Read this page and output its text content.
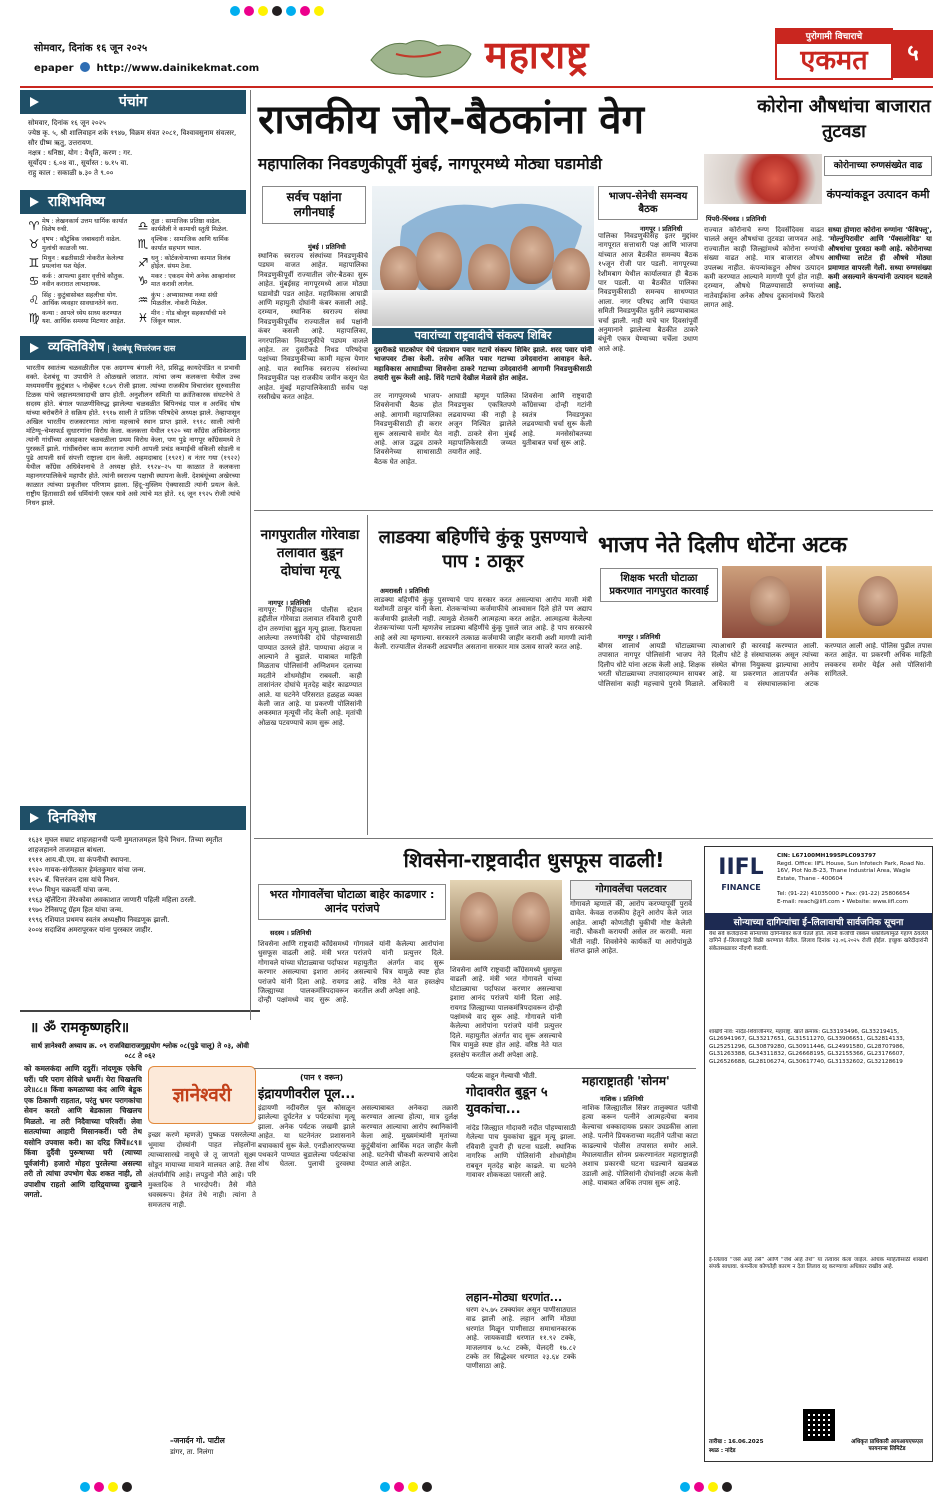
सोमवार, दिनांक १६ जून २०२५
epaper http://www.dainikekmat.com	महाराष्ट्र	पुरोगामी विचाराचे
एकमत	५
पंचांग
सोमवार, दिनांक १६ जून २०२५
ज्येष्ठ कृ. ५, श्री शालिवाहन शके १९४७, विक्रम संवत २०८१, विश्वावसुनाम संवत्सर, सौर ग्रीष्म ऋतु, उत्तरायण.
नक्षत्र : धनिष्ठा, योग : वैधृति, करण : गर.
सूर्योदय : ६.०४ वा., सूर्यास्त : ७.१५ वा.
राहु काल : सकाळी ७.३० ते ९.००
राशिभविष्य
♈ मेष : लेखनकार्य उत्तम धार्मिक कार्यात विशेष रुची.	♎ तूळ : सामाजिक प्रतिष्ठा वाढेल. कार्यशैली ने कामाची स्तुती मिळेल.
♉ वृषभ : कौटुंबिक जबाबदारी वाढेल. मुलांची काळजी घ्या.	♏ वृश्चिक : सामाजिक आणि धार्मिक कार्यात सहभाग घ्याल.
♊ मिथुन : बढतीसाठी नोकरीत केलेल्या प्रयत्नांना यश येईल.	♐ धनु : कोर्टकचेऱ्याच्या कामात विलंब होईल. संयम ठेवा.
♋ कर्क : आपल्या हुशार वृत्तीचे कौतुक. नवीन करारात लाभदायक.	♑ मकर : एकदम येणे अनेक आव्हानांवर मात करावी लागेल.
♌ सिंह : कुटुंबासोबत सहलीचा योग. आर्थिक व्यवहार सावधानतेने करा.	♒ कुंभ : अभ्यासाच्या नव्या संधी मिळतील. नोकरी मिळेल.
♍ कन्या : आपले ध्येय साध्य करण्यात यश. आर्थिक समस्या मिटणार आहेत.	♓ मीन : गोड बोलून सहकार्यांची मने जिंकून घ्याल.
व्यक्तिविशेष | देशबंधू चित्तरंजन दास
भारतीय स्वातंत्र्य चळवळीतील एक अग्रगण्य बंगाली नेते, प्रसिद्ध कायदेपंडित व प्रभावी वक्ते. देशबंधू या उपाधीने ते ओळखले जातात. त्यांचा जन्म कलकत्ता येथील उच्च मध्यमवर्गीय कुटुंबात ५ नोव्हेंबर १८७९ रोजी झाला. त्यांच्या राजकीय विचारांवर सुरुवातीस टिळक यांचे जहालमतवादाची छाप होती. अनुशीलन समिती या क्रांतिकारक संघटनेचे ते सदस्य होते. बंगाल फाळणीविरुद्ध झालेल्या चळवळीत बिपिनचंद्र पाल व अरविंद घोष यांच्या बरोबरीने ते सक्रिय होते. १९१७ साली ते प्रांतिक परिषदेचे अध्यक्ष झाले. तेव्हापासून अखिल भारतीय राजकारणात त्यांना महत्त्वाचे स्थान प्राप्त झाले. १९१८ साली त्यांनी मॉटेग्यू–चेम्सफर्ड सुधारणांना विरोध केला. कलकत्ता येथील १९२० च्या काँग्रेस अधिवेशनात त्यांनी गांधींच्या असहकार चळवळीला प्रथम विरोध केला, पण पुढे नागपूर काँग्रेसमध्ये ते पुरस्कर्ते झाले. गांधींबरोबर काम करताना त्यांनी आपली प्रचंड कमाईची वकिली सोडली व पुढे आपली सर्व संपत्ती राष्ट्राला दान केली. अहमदाबाद (१९२१) व नंतर गया (१९२२) येथील काँग्रेस अधिवेशनाचे ते अध्यक्ष होते. १९२४–२५ या काळात ते कलकत्ता महानगरपालिकेचे महापौर होते. त्यांनी स्वराज्य पक्षाची स्थापना केली. देशबंधूंच्या अखेरच्या काळात त्यांच्या प्रकृतीवर परिणाम झाला. हिंदू–मुस्लिम ऐक्यासाठी त्यांनी प्रयत्न केले. राष्ट्रीय हितासाठी सर्व धर्मियांनी एकत्र यावे असे त्यांचे मत होते. १६ जून १९२५ रोजी त्यांचे निधन झाले.
दिनविशेष
१६३१ मुघल सम्राट शाहजहानची पत्नी मुमताजमहल हिचे निधन. तिच्या स्मृतीत शाहजहानने ताजमहाल बांधला.
१९११ आय.बी.एम. या कंपनीची स्थापना.
१९२० गायक-संगीतकार हेमंतकुमार यांचा जन्म.
१९२५ बॅ. चित्तरंजन दास यांचे निधन.
१९५० मिथुन चक्रवर्ती यांचा जन्म.
१९६३ व्हॅलेंटिना तेरेश्कोवा अवकाशात जाणारी पहिली महिला ठरली.
१९७० टेनिसपटू ग्रॅहम हिल यांचा जन्म.
१९९६ रशियात प्रथमच स्वतंत्र अध्यक्षीय निवडणूक झाली.
२००४ सदाशिव अमरापूरकर यांना पुरस्कार जाहीर.
॥ ॐ रामकृष्णहरि॥
सार्थ ज्ञानेश्वरी अध्याय क्र. ०९ राजविद्याराजगुह्ययोग श्लोक ०८(पुढे चालू) ते ०३, ओवी ०८८ ते ०६२
को कमलकंदा आणि ददुरीं। नांदणूक एकेचि घरीं। परि पराग सेविजे भ्रमरीं। येरा चिखलचि उरे॥८८॥ किंवा कमळाच्या कंद आणि बेडूक एक ठिकाणी राहतात, परंतु भ्रमर परागकांचा सेवन करतो आणि बेडकाला चिखलच मिळतो. ना तरी निदैवाच्या परिवरीं। लेवा सतत्यांच्या आहारी मिसानकरीं। परी तेथ यसोनि उपवास करी। का दरिद्र जियें॥८९॥ किंवा दुर्दैवी पुरूषाच्या घरी (त्याच्या पूर्वजांनी) हजारो मोहरा पुरलेल्या असल्या तरी तो त्यांचा उपभोग घेऊ शकत नाही, तो उपाशीच राहतो आणि दारिद्र्याच्या दुःखाने जगतो.
ज्ञानेश्वरी
इच्छा करणे म्हणजे) पुष्कळ पसरलेल्या भूमाया दोस्यांनी पाहत लोहलोंना त्याच्यासारखे नासूचे जे तू जाणतो सूक्ष्म सोडून मायाच्या मायाने मालवत आहे. तैसा अंतर्यामीचि आहे। लपडुनो मीते आहे। परि मुक्तादिक ते भारदोपरी। तैसे मीते धवस्वरूप। हेमंत तेथे नाही। त्यांना ते समजतच नाही.
–जनार्दन गो. पाटील
डांगर, ता. निलंगा
राजकीय जोर-बैठकांना वेग
महापालिका निवडणुकीपूर्वी मुंबई, नागपूरमध्ये मोठ्या घडामोडी
सर्वच पक्षांना लगीनघाई
मुंबई । प्रतिनिधी
स्थानिक स्वराज्य संस्थांच्या निवडणुकीचे पडघम वाजत आहेत. महापालिका निवडणुकीपूर्वी राज्यातील जोर-बैठका सुरू आहेत. मुंबईसह नागपूरमध्ये आज मोठ्या घडामोडी पडत आहेत. महाविकास आघाडी आणि महायुती दोघांनी कंबर कसली आहे. दरम्यान, स्थानिक स्वराज्य संस्था निवडणुकीपूर्वीच राज्यातील सर्व पक्षांनी कंबर कसली आहे. महापालिका, नगरपालिका निवडणुकीचे पडघम वाजले आहेत. तर दुसरीकडे निधड परिषदेचा पक्षांच्या निवडणुकीच्या कामी महत्त्व येणार आहे. यात स्थानिक स्वराज्य संस्थांच्या निवडणुकीत पक्ष राजकीय जमीन कसून घेत आहेत. मुंबई महापालिकेसाठी सर्वच पक्ष रस्सीखेच करत आहेत.
पवारांच्या राष्ट्रवादीचे संकल्प शिबिर
दुसरीकडे घाटकोपर येथे पंतप्रधान पवार गटाचे संकल्प शिबिर झाले. शरद पवार यांनी भाजपवर टीका केली. तसेच अजित पवार गटाच्या उमेदवारांना आवाहन केले. महाविकास आघाडीच्या शिवसेना ठाकरे गटाच्या उमेदवारांनी आगामी निवडणुकीसाठी तयारी सुरू केली आहे. शिंदे गटाचे देखील मेळावे होत आहेत.
तर नागपूरमध्ये भाजप-शिवसेनाची बैठक होत आहे. आगामी महापालिका निवडणुकीसाठी ही करार सुरू असल्याचे समोर येत आहे. आज उद्धव ठाकरे शिवसेनेच्या साथासाठी बैठक घेत आहेत.
आघाडी म्हणून पालिका निवडणुका एकत्रितपणे लढवायच्या की नाही हे अजून निश्चित झालेले नाही. ठाकरे सेना मुंबई महापालिकेसाठी जय्यत तयारीत आहे.
शिवसेना आणि राष्ट्रवादी काँग्रेसच्या दोन्ही गटांनी स्वतंत्र निवडणुका लढवण्याची चर्चा सुरू केली आहे. मनसेसोबतच्या युतीबाबत चर्चा सुरू आहे.
भाजप-सेनेची समन्वय बैठक
नागपूर । प्रतिनिधी
पालिका निवडणुकीसह इतर मुद्दांवर नागपूरात सत्ताधारी पक्ष आणि भाजपा यांच्यात आज बैठकीत समन्वय बैठक १५जून रोजी पार पडली. नागपूरच्या रेशीमबाग येथील कार्यालयात ही बैठक पार पडली. या बैठकीत पालिका निवडणुकीसाठी समन्वय साधण्यात आला. नगर परिषद आणि पंचायत समिती निवडणुकीत युतीने लढण्याबाबत चर्चा झाली. नाही याचे चार दिवसांपूर्वी अनुमानाने झालेल्या बैठकीत ठाकरे बंधूंनी एकत्र येण्याच्या चर्चेला उधाण आले आहे.
कोरोना औषधांचा बाजारात तुटवडा
कोरोनाच्या रुग्णसंख्येत वाढ
कंपन्यांकडून उत्पादन कमी
पिंपरी-चिंचवड । प्रतिनिधी
राज्यात कोरोनाचे रुग्ण दिवसेंदिवस वाढत चालले असून औषधांचा तुटवडा जाणवत आहे. राज्यातील काही जिल्ह्यांमध्ये कोरोना रुग्णांची संख्या वाढत आहे. मात्र बाजारात औषध उपलब्ध नाहीत. कंपन्यांकडून औषध उत्पादन कमी करण्यात आल्याने मागणी पूर्ण होत नाही. दरम्यान, औषधे मिळण्यासाठी रुग्णांच्या नातेवाईकांना अनेक औषध दुकानांमध्ये फिरावे लागत आहे.
सध्या होणारा कोरोना रुग्णांना 'फॅबिफ्लू', 'मोल्नुपिरावीर' आणि 'पॅक्सलोविड' या औषधांचा पुरवठा कमी आहे. कोरोनाच्या आधीच्या लाटेत ही औषधे मोठ्या प्रमाणात वापरली गेली. सध्या रुग्णसंख्या कमी असल्याने कंपन्यांनी उत्पादन घटवले आहे.
नागपुरातील गोरेवाडा तलावात बुडून दोघांचा मृत्यू
नागपूर । प्रतिनिधी
नागपूर: गिट्टीखदान पोलीस स्टेशन हद्दीतील गोरेवाडा तलावात रविवारी दुपारी दोन तरुणांचा बुडून मृत्यू झाला. फिरायला आलेल्या तरुणांपैकी दोघे पोहण्यासाठी पाण्यात उतरले होते. पाण्याचा अंदाज न आल्याने ते बुडाले. याबाबत माहिती मिळताच पोलिसांनी अग्निशमन दलाच्या मदतीने शोधमोहीम राबवली. काही तासांनंतर दोघांचे मृतदेह बाहेर काढण्यात आले. या घटनेने परिसरात हळहळ व्यक्त केली जात आहे. या प्रकरणी पोलिसांनी अकस्मात मृत्यूची नोंद केली आहे. मृतांची ओळख पटवण्याचे काम सुरू आहे.
लाडक्या बहिणींचे कुंकू पुसण्याचे पाप : ठाकूर
अमरावती । प्रतिनिधी
लाडक्या बहिणींचे कुंकू पुसण्याचे पाप सरकार करत असल्याचा आरोप माजी मंत्री यशोमती ठाकूर यांनी केला. शेतकऱ्यांच्या कर्जमाफीचे आश्वासन दिले होते पण अद्याप कर्जमाफी झालेली नाही. त्यामुळे शेतकरी आत्महत्या करत आहेत. आत्महत्या केलेल्या शेतकऱ्यांच्या पत्नी म्हणजेच लाडक्या बहिणींचे कुंकू पुसले जात आहे. हे पाप सरकारचे आहे असे त्या म्हणाल्या. सरकारने तत्काळ कर्जमाफी जाहीर करावी अशी मागणी त्यांनी केली. राज्यातील शेतकरी अडचणीत असताना सरकार मात्र उत्सव साजरे करत आहे.
भाजप नेते दिलीप धोटेंना अटक
शिक्षक भरती घोटाळा प्रकरणात नागपुरात कारवाई
नागपूर । प्रतिनिधी
बोगस शालार्थ आयडी घोटाळ्याच्या तपासात नागपूर पोलिसांनी भाजप नेते दिलीप धोटे यांना अटक केली आहे. शिक्षक भरती घोटाळ्याच्या तपासादरम्यान सायबर पोलिसांना काही महत्त्वाचे पुरावे मिळाले. त्याआधारे ही कारवाई करण्यात आली. दिलीप धोटे हे संस्थाचालक असून त्यांच्या संस्थेत बोगस नियुक्त्या झाल्याचा आरोप आहे. या प्रकरणात आतापर्यंत अनेक अधिकारी व संस्थाचालकांना अटक करण्यात आली आहे. पोलिस पुढील तपास करत आहेत. या प्रकरणी अधिक माहिती लवकरच समोर येईल असे पोलिसांनी सांगितले.
शिवसेना-राष्ट्रवादीत धुसफूस वाढली!
भरत गोगावलेंचा घोटाळा बाहेर काढणार : आनंद परांजपे
सदस्य । प्रतिनिधी
शिवसेना आणि राष्ट्रवादी काँग्रेसमध्ये धुसफूस वाढली आहे. मंत्री भरत गोगावले यांच्या घोटाळ्याचा पर्दाफाश करणार असल्याचा इशारा आनंद परांजपे यांनी दिला आहे. रायगड जिल्ह्याच्या पालकमंत्रिपदावरून दोन्ही पक्षांमध्ये वाद सुरू आहे. गोगावले यांनी केलेल्या आरोपांना परांजपे यांनी प्रत्युत्तर दिले. महायुतीत अंतर्गत वाद सुरू असल्याचे चित्र यामुळे स्पष्ट होत आहे. वरिष्ठ नेते यात हस्तक्षेप करतील अशी अपेक्षा आहे.
शिवसेना आणि राष्ट्रवादी काँग्रेसमध्ये धुसफूस वाढली आहे. मंत्री भरत गोगावले यांच्या घोटाळ्याचा पर्दाफाश करणार असल्याचा इशारा आनंद परांजपे यांनी दिला आहे. रायगड जिल्ह्याच्या पालकमंत्रिपदावरून दोन्ही पक्षांमध्ये वाद सुरू आहे. गोगावले यांनी केलेल्या आरोपांना परांजपे यांनी प्रत्युत्तर दिले. महायुतीत अंतर्गत वाद सुरू असल्याचे चित्र यामुळे स्पष्ट होत आहे. वरिष्ठ नेते यात हस्तक्षेप करतील अशी अपेक्षा आहे.
गोगावलेंचा पलटवार
गोगावले म्हणाले की, आरोप करण्यापूर्वी पुरावे द्यावेत. केवळ राजकीय हेतूने आरोप केले जात आहेत. आम्ही कोणतीही चुकीची गोष्ट केलेली नाही. चौकशी करायची असेल तर करावी. मला भीती नाही. शिवसेनेचे कार्यकर्ते या आरोपांमुळे संतप्त झाले आहेत.
(पान १ वरून)
इंद्रायणीवरील पूल...
इंद्रायणी नदीवरील पूल कोसळून झालेल्या दुर्घटनेत ४ पर्यटकांचा मृत्यू झाला. अनेक पर्यटक जखमी झाले आहेत. या घटनेनंतर प्रशासनाने बचावकार्य सुरू केले. एनडीआरएफच्या पथकाने पाण्यात बुडालेल्या पर्यटकांचा शोध घेतला. पुलाची दुरवस्था असल्याबाबत अनेकदा तक्रारी करण्यात आल्या होत्या, मात्र दुर्लक्ष करण्यात आल्याचा आरोप स्थानिकांनी केला आहे. मुख्यमंत्र्यांनी मृतांच्या कुटुंबीयांना आर्थिक मदत जाहीर केली आहे. घटनेची चौकशी करण्याचे आदेश देण्यात आले आहेत.
पर्यटक वाहून गेल्याची भीती.
गोदावरीत बुडून ५ युवकांचा...
नांदेड जिल्ह्यात गोदावरी नदीत पोहण्यासाठी गेलेल्या पाच युवकांचा बुडून मृत्यू झाला. रविवारी दुपारी ही घटना घडली. स्थानिक नागरिक आणि पोलिसांनी शोधमोहीम राबवून मृतदेह बाहेर काढले. या घटनेने गावावर शोककळा पसरली आहे.
लहान-मोठ्या धरणांत...
धरण २५.७५ टक्क्यांवर असून पाणीसाठ्यात वाढ झाली आहे. लहान आणि मोठ्या धरणांत मिळून पाणीसाठा समाधानकारक आहे. जायकवाडी धरणात ११.९२ टक्के, माजलगाव ७.५८ टक्के, येलदरी १७.८२ टक्के तर सिद्धेश्वर धरणात २३.६४ टक्के पाणीसाठा आहे.
महाराष्ट्रातही 'सोनम'
नाशिक । प्रतिनिधी
नाशिक जिल्ह्यातील सिन्नर तालुक्यात पतीची हत्या करून पत्नीने आत्महत्येचा बनाव केल्याचा धक्कादायक प्रकार उघडकीस आला आहे. पत्नीने प्रियकराच्या मदतीने पतीचा काटा काढल्याचे पोलीस तपासात समोर आले. मेघालयातील सोनम प्रकरणानंतर महाराष्ट्रातही अशाच प्रकारची घटना घडल्याने खळबळ उडाली आहे. पोलिसांनी दोघांनाही अटक केली आहे. याबाबत अधिक तपास सुरू आहे.
IIFL
FINANCE
CIN: L67100MH1995PLC093797
Regd. Office: IIFL House, Sun Infotech Park, Road No. 16V, Plot No.B-23, Thane Industrial Area, Wagle Estate, Thane - 400604
Tel: (91-22) 41035000 • Fax: (91-22) 25806654
E-mail: reach@iifl.com • Website: www.iifl.com
सोन्याच्या दागिन्यांचा ई–लिलावाची सार्वजनिक सूचना
येथे सर्व कर्जदारांनी सोन्याच्या दागिन्यांवर कर्ज घेतले होते. त्यांनी कर्जाची रक्कम थकविल्यामुळे गहाण ठेवलेले दागिने ई–लिलावाद्वारे विक्री करण्यात येतील. लिलाव दिनांक २३.०६.२०२५ रोजी होईल. इच्छुक खरेदीदारांनी संकेतस्थळावर नोंदणी करावी.
शाखेचे नाव: नांदेड-शिवाजीनगर, महाराष्ट्र. खाते क्रमांक: GL33193496, GL33219415, GL26941967, GL33217651, GL31511270, GL33906651, GL32814133, GL25251296, GL30879280, GL30911446, GL24991580, GL28707986, GL31263388, GL34311832, GL26668195, GL32155366, GL23176607, GL26526688, GL28106274, GL30617740, GL31332602, GL32128619
ई-लिलाव “जसे आहे तसे” आणि “जेथे आहे तेथे” या तत्वावर केला जाईल. अधिक माहितीसाठी शाखेशी संपर्क साधावा. कंपनीला कोणतेही कारण न देता लिलाव रद्द करण्याचा अधिकार राखीव आहे.
तारीख : 16.06.2025
स्थळ : नांदेड
अधिकृत प्राधिकारी आयआयएफएल फायनान्स लिमिटेड
